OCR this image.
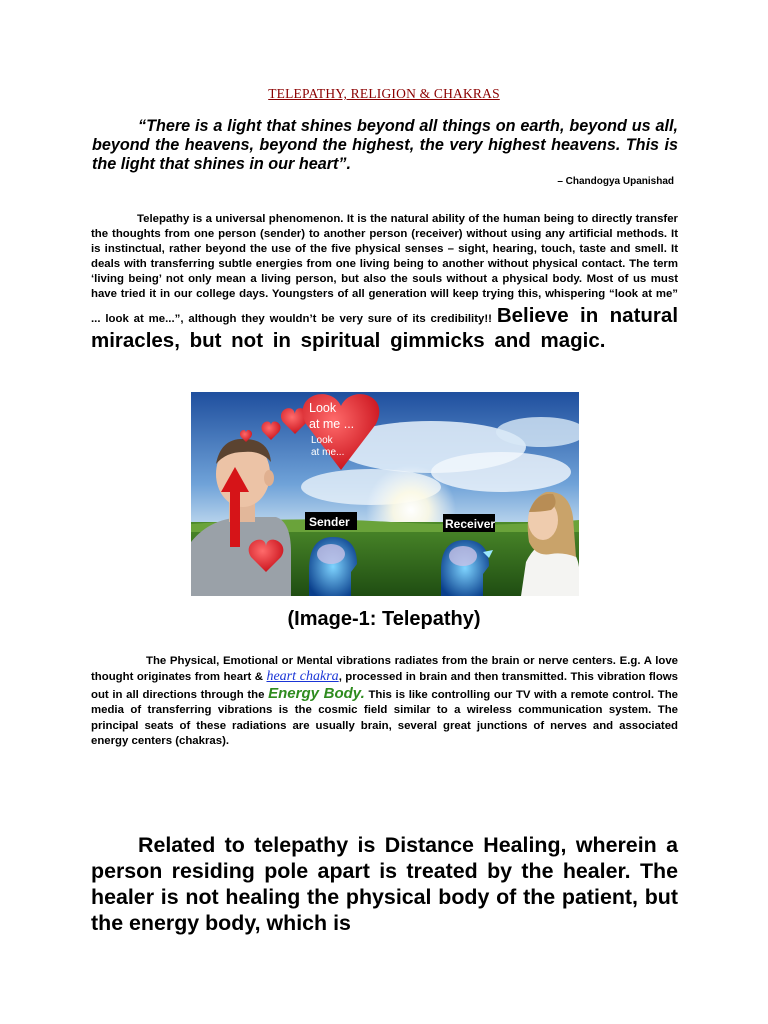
TELEPATHY, RELIGION & CHAKRAS
“There is a light that shines beyond all things on earth, beyond us all, beyond the heavens, beyond the highest, the very highest heavens. This is the light that shines in our heart”.
– Chandogya Upanishad
Telepathy is a universal phenomenon. It is the natural ability of the human being to directly transfer the thoughts from one person (sender) to another person (receiver) without using any artificial methods. It is instinctual, rather beyond the use of the five physical senses – sight, hearing, touch, taste and smell. It deals with transferring subtle energies from one living being to another without physical contact. The term ‘living being’ not only mean a living person, but also the souls without a physical body. Most of us must have tried it in our college days. Youngsters of all generation will keep trying this, whispering “look at me” ... look at me...”, although they wouldn’t be very sure of its credibility!! Believe in natural miracles, but not in spiritual gimmicks and magic.
Look
at me ...
Look
at me...
Sender	Receiver
(Image-1: Telepathy)
The Physical, Emotional or Mental vibrations radiates from the brain or nerve centers. E.g. A love thought originates from heart & heart chakra, processed in brain and then transmitted. This vibration flows out in all directions through the Energy Body. This is like controlling our TV with a remote control. The media of transferring vibrations is the cosmic field similar to a wireless communication system. The principal seats of these radiations are usually brain, several great junctions of nerves and associated energy centers (chakras).
Related to telepathy is Distance Healing, wherein a person residing pole apart is treated by the healer. The healer is not healing the physical body of the patient, but the energy body, which is
